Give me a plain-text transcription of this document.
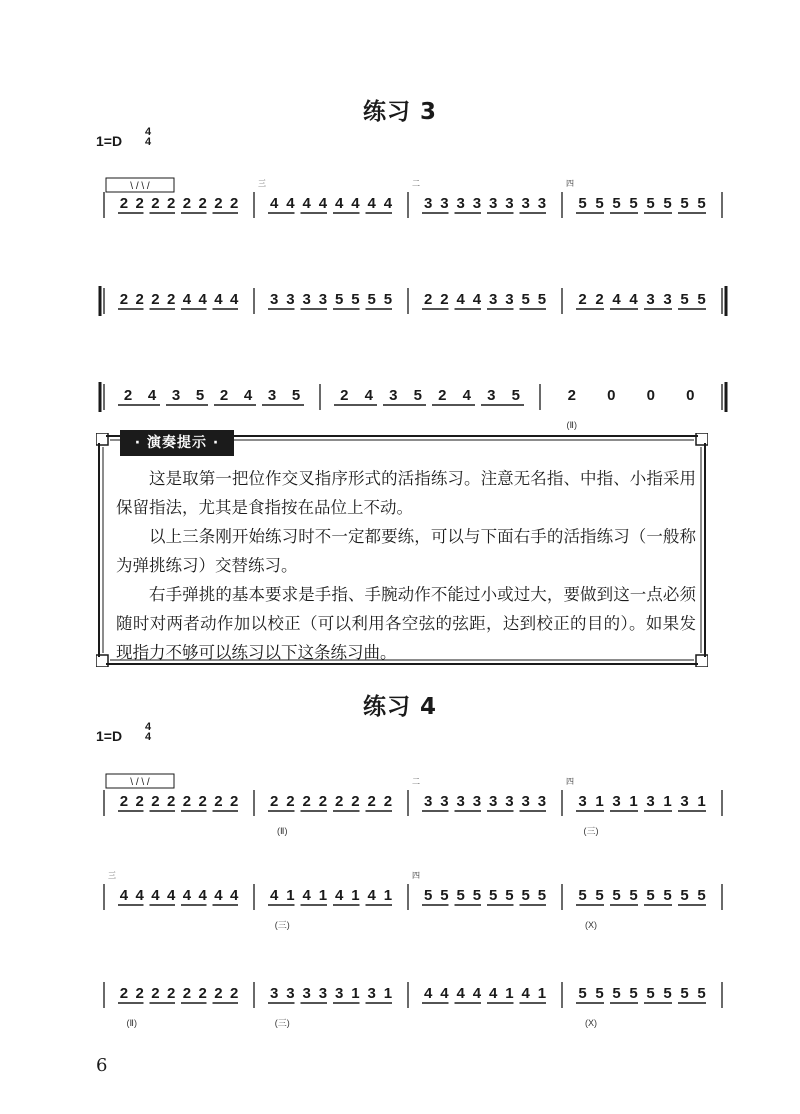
练习 3
1=D
4
4
练习 4
1=D
4
4
\ / \ /
2 2 2 2 2 2 2 2 4 4 4 4 4 4 4 4
三
3 3 3 3 3 3 3 3
二
5 5 5 5 5 5 5 5
四
2 2 2 2 4 4 4 4 3 3 3 3 5 5 5 5 2 2 4 4 3 3 5 5 2 2 4 4 3 3 5 5
2 4 3 5 2 4 3 5	2 4 3 5 2 4 3 5	2 0 0 0
(Ⅱ)
\ / \ /
2 2 2 2 2 2 2 2 2 2 2 2 2 2 2 2
(Ⅱ)
3 3 3 3 3 3 3 3
二
3 1 3 1 3 1 3 1
四
(三)
4 4 4 4 4 4 4 4
三
4 1 4 1 4 1 4 1
(三)
5 5 5 5 5 5 5 5
四
5 5 5 5 5 5 5 5
(X)
2 2 2 2 2 2 2 2
(Ⅱ)
3 3 3 3 3 1 3 1
(三)
4 4 4 4 4 1 4 1 5 5 5 5 5 5 5 5
(X)
· 演奏提示 ·

这是取第一把位作交叉指序形式的活指练习。注意无名指、中指、小指采用保留指法，尤其是食指按在品位上不动。

以上三条刚开始练习时不一定都要练，可以与下面右手的活指练习（一般称为弹挑练习）交替练习。

右手弹挑的基本要求是手指、手腕动作不能过小或过大，要做到这一点必须随时对两者动作加以校正（可以利用各空弦的弦距，达到校正的目的）。如果发现指力不够可以练习以下这条练习曲。

6
